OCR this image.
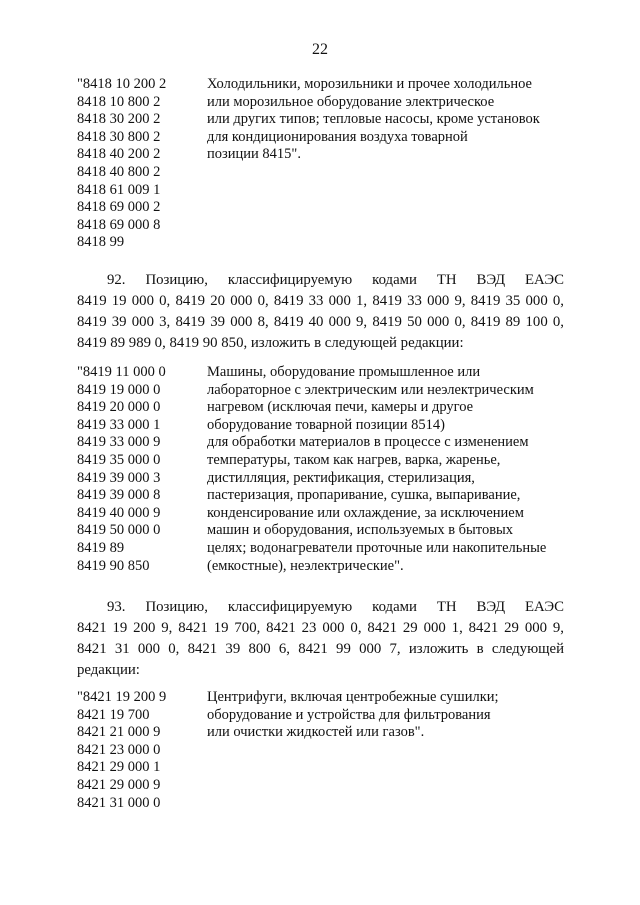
22
"8418 10 200 2
8418 10 800 2
8418 30 200 2
8418 30 800 2
8418 40 200 2
8418 40 800 2
8418 61 009 1
8418 69 000 2
8418 69 000 8
8418 99
Холодильники, морозильники и прочее холодильное
или морозильное оборудование электрическое
или других типов; тепловые насосы, кроме установок
для кондиционирования воздуха товарной
позиции 8415".
92. Позицию, классифицируемую кодами ТН ВЭД ЕАЭС
8419 19 000 0, 8419 20 000 0, 8419 33 000 1, 8419 33 000 9, 8419 35 000 0,
8419 39 000 3, 8419 39 000 8, 8419 40 000 9, 8419 50 000 0, 8419 89 100 0,
8419 89 989 0, 8419 90 850, изложить в следующей редакции:
"8419 11 000 0
8419 19 000 0
8419 20 000 0
8419 33 000 1
8419 33 000 9
8419 35 000 0
8419 39 000 3
8419 39 000 8
8419 40 000 9
8419 50 000 0
8419 89
8419 90 850
Машины, оборудование промышленное или
лабораторное с электрическим или неэлектрическим
нагревом (исключая печи, камеры и другое
оборудование товарной позиции 8514)
для обработки материалов в процессе с изменением
температуры, таком как нагрев, варка, жаренье,
дистилляция, ректификация, стерилизация,
пастеризация, пропаривание, сушка, выпаривание,
конденсирование или охлаждение, за исключением
машин и оборудования, используемых в бытовых
целях; водонагреватели проточные или накопительные
(емкостные), неэлектрические".
93. Позицию, классифицируемую кодами ТН ВЭД ЕАЭС
8421 19 200 9, 8421 19 700, 8421 23 000 0, 8421 29 000 1, 8421 29 000 9,
8421 31 000 0, 8421 39 800 6, 8421 99 000 7, изложить в следующей
редакции:
"8421 19 200 9
8421 19 700
8421 21 000 9
8421 23 000 0
8421 29 000 1
8421 29 000 9
8421 31 000 0
Центрифуги, включая центробежные сушилки;
оборудование и устройства для фильтрования
или очистки жидкостей или газов".
